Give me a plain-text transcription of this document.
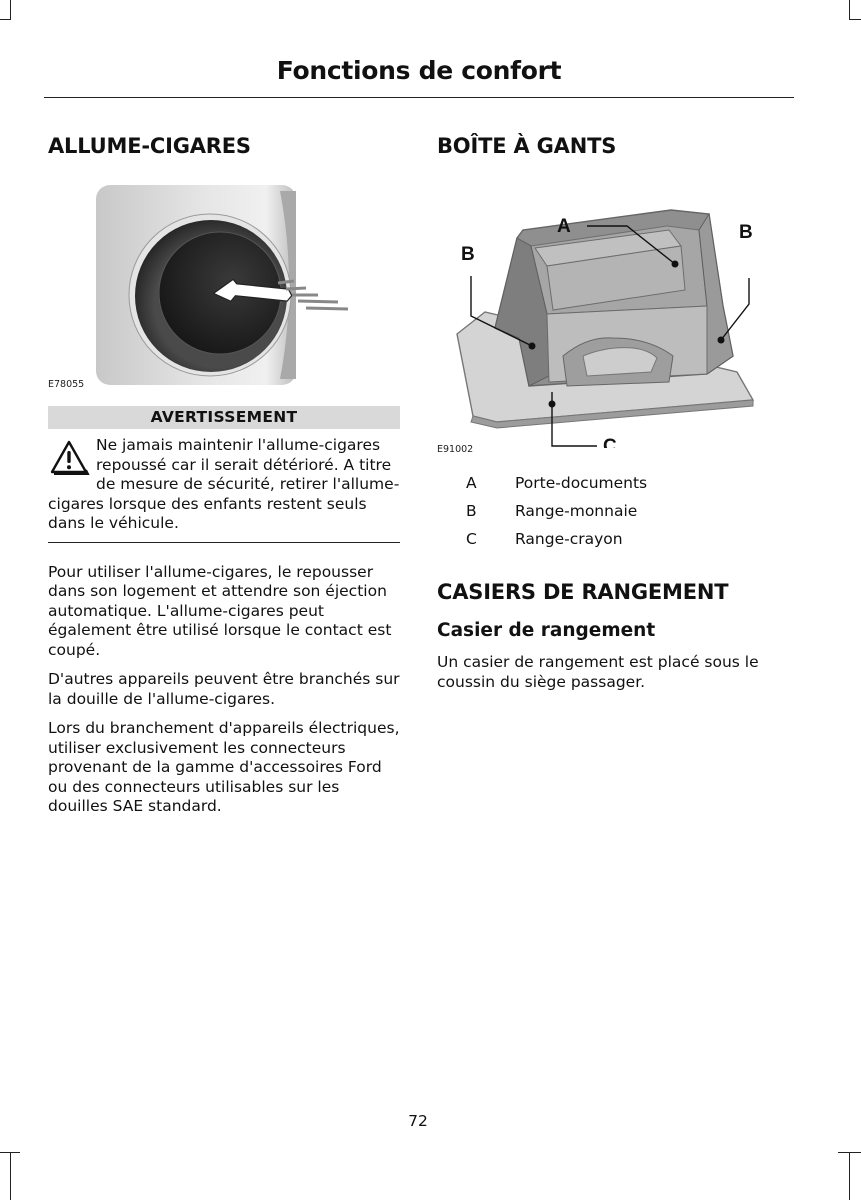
Fonctions de confort
ALLUME-CIGARES
E78055
AVERTISSEMENT
Ne jamais maintenir l'allume-cigares repoussé car il serait détérioré. A titre de mesure de sécurité, retirer l'allume-cigares lorsque des enfants restent seuls dans le véhicule.

Pour utiliser l'allume-cigares, le repousser dans son logement et attendre son éjection automatique. L'allume-cigares peut également être utilisé lorsque le contact est coupé.

D'autres appareils peuvent être branchés sur la douille de l'allume-cigares.

Lors du branchement d'appareils électriques, utiliser exclusivement les connecteurs provenant de la gamme d'accessoires Ford ou des connecteurs utilisables sur les douilles SAE standard.

BOÎTE À GANTS
A
B
B
C
E91002
A	Porte-documents
B	Range-monnaie
C	Range-crayon
CASIERS DE RANGEMENT
Casier de rangement

Un casier de rangement est placé sous le coussin du siège passager.

72
